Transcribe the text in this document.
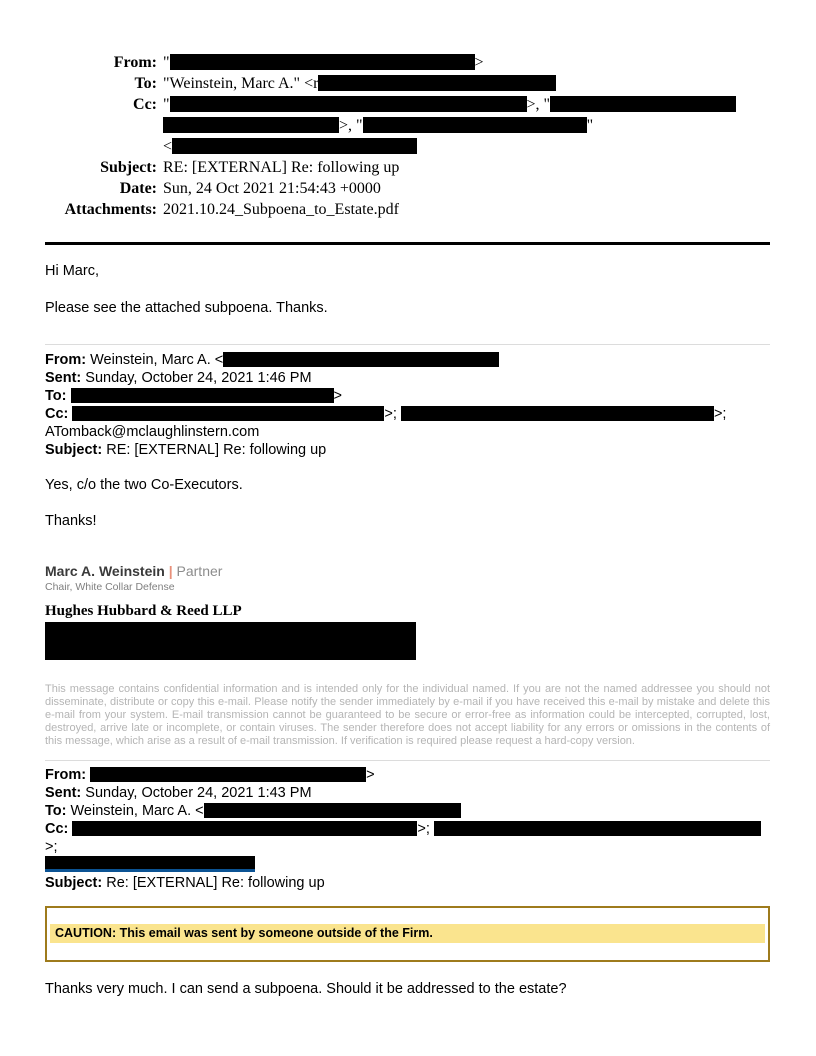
From: "	>
To: "Weinstein, Marc A." <r
Cc: "	>, "
>, "	"
<
Subject: RE: [EXTERNAL] Re: following up
Date: Sun, 24 Oct 2021 21:54:43 +0000
Attachments: 2021.10.24_Subpoena_to_Estate.pdf
Hi Marc,
Please see the attached subpoena. Thanks.
From: Weinstein, Marc A. <
Sent: Sunday, October 24, 2021 1:46 PM
To:	>
Cc:	>;	>;
ATomback@mclaughlinstern.com
Subject: RE: [EXTERNAL] Re: following up
Yes, c/o the two Co-Executors.
Thanks!
Marc A. Weinstein | Partner
Chair, White Collar Defense
Hughes Hubbard & Reed LLP
This message contains confidential information and is intended only for the individual named. If you are not the named addressee you should not disseminate, distribute or copy this e-mail. Please notify the sender immediately by e-mail if you have received this e-mail by mistake and delete this e-mail from your system. E-mail transmission cannot be guaranteed to be secure or error-free as information could be intercepted, corrupted, lost, destroyed, arrive late or incomplete, or contain viruses. The sender therefore does not accept liability for any errors or omissions in the contents of this message, which arise as a result of e-mail transmission. If verification is required please request a hard-copy version.
From:	>
Sent: Sunday, October 24, 2021 1:43 PM
To: Weinstein, Marc A. <
Cc:	>; >;
Subject: Re: [EXTERNAL] Re: following up
CAUTION: This email was sent by someone outside of the Firm.
Thanks very much. I can send a subpoena. Should it be addressed to the estate?
